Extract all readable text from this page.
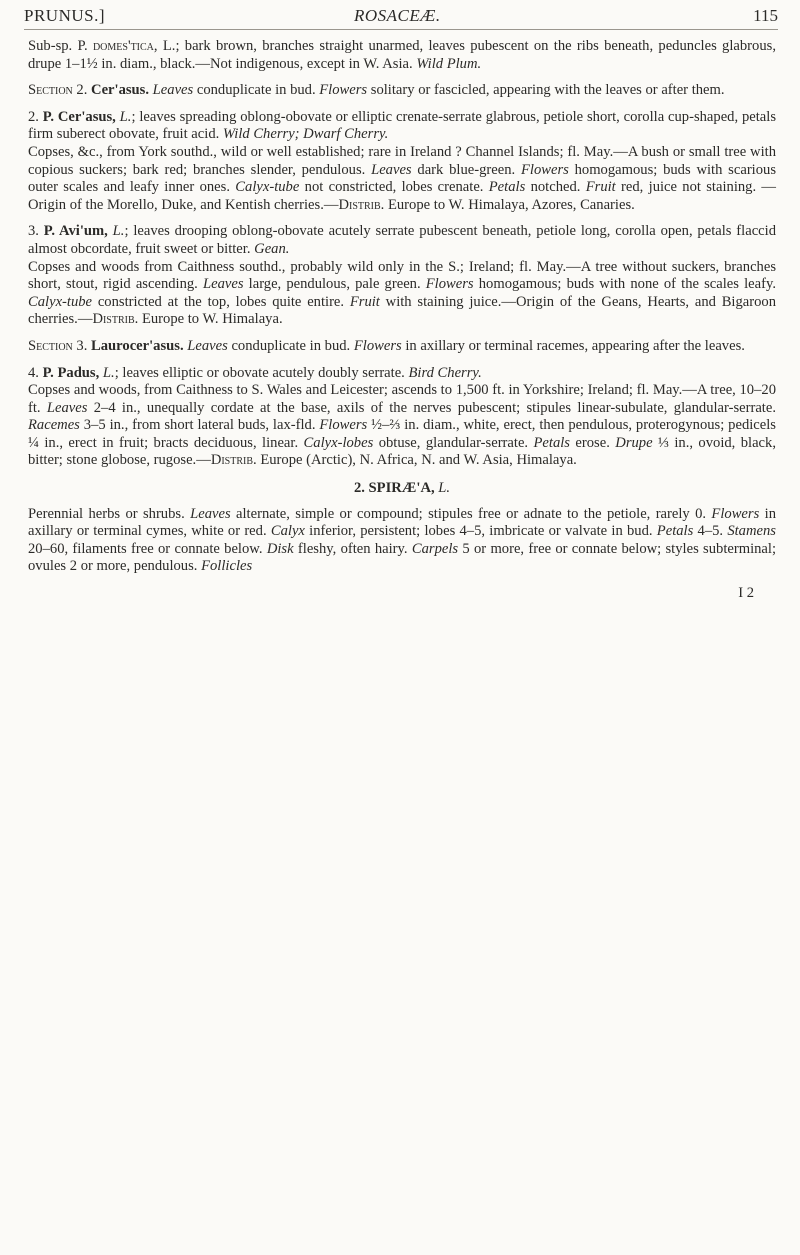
PRUNUS.]	ROSACEÆ.	115

Sub-sp. P. domes'tica, L.; bark brown, branches straight unarmed, leaves pubescent on the ribs beneath, peduncles glabrous, drupe 1–1½ in. diam., black.—Not indigenous, except in W. Asia. Wild Plum.

Section 2. Cer'asus. Leaves conduplicate in bud. Flowers solitary or fascicled, appearing with the leaves or after them.

2. P. Cer'asus, L.; leaves spreading oblong-obovate or elliptic crenate-serrate glabrous, petiole short, corolla cup-shaped, petals firm suberect obovate, fruit acid. Wild Cherry; Dwarf Cherry.
Copses, &c., from York southd., wild or well established; rare in Ireland ? Channel Islands; fl. May.—A bush or small tree with copious suckers; bark red; branches slender, pendulous. Leaves dark blue-green. Flowers homogamous; buds with scarious outer scales and leafy inner ones. Calyx-tube not constricted, lobes crenate. Petals notched. Fruit red, juice not staining. —Origin of the Morello, Duke, and Kentish cherries.—Distrib. Europe to W. Himalaya, Azores, Canaries.

3. P. Avi'um, L.; leaves drooping oblong-obovate acutely serrate pubescent beneath, petiole long, corolla open, petals flaccid almost obcordate, fruit sweet or bitter. Gean.
Copses and woods from Caithness southd., probably wild only in the S.; Ireland; fl. May.—A tree without suckers, branches short, stout, rigid ascending. Leaves large, pendulous, pale green. Flowers homogamous; buds with none of the scales leafy. Calyx-tube constricted at the top, lobes quite entire. Fruit with staining juice.—Origin of the Geans, Hearts, and Bigaroon cherries.—Distrib. Europe to W. Himalaya.

Section 3. Laurocer'asus. Leaves conduplicate in bud. Flowers in axillary or terminal racemes, appearing after the leaves.

4. P. Padus, L.; leaves elliptic or obovate acutely doubly serrate. Bird Cherry.
Copses and woods, from Caithness to S. Wales and Leicester; ascends to 1,500 ft. in Yorkshire; Ireland; fl. May.—A tree, 10–20 ft. Leaves 2–4 in., unequally cordate at the base, axils of the nerves pubescent; stipules linear-subulate, glandular-serrate. Racemes 3–5 in., from short lateral buds, lax-fld. Flowers ½–⅔ in. diam., white, erect, then pendulous, proterogynous; pedicels ¼ in., erect in fruit; bracts deciduous, linear. Calyx-lobes obtuse, glandular-serrate. Petals erose. Drupe ⅓ in., ovoid, black, bitter; stone globose, rugose.—Distrib. Europe (Arctic), N. Africa, N. and W. Asia, Himalaya.

2. SPIRÆ'A, L.

Perennial herbs or shrubs. Leaves alternate, simple or compound; stipules free or adnate to the petiole, rarely 0. Flowers in axillary or terminal cymes, white or red. Calyx inferior, persistent; lobes 4–5, imbricate or valvate in bud. Petals 4–5. Stamens 20–60, filaments free or connate below. Disk fleshy, often hairy. Carpels 5 or more, free or connate below; styles subterminal; ovules 2 or more, pendulous. Follicles

I 2
